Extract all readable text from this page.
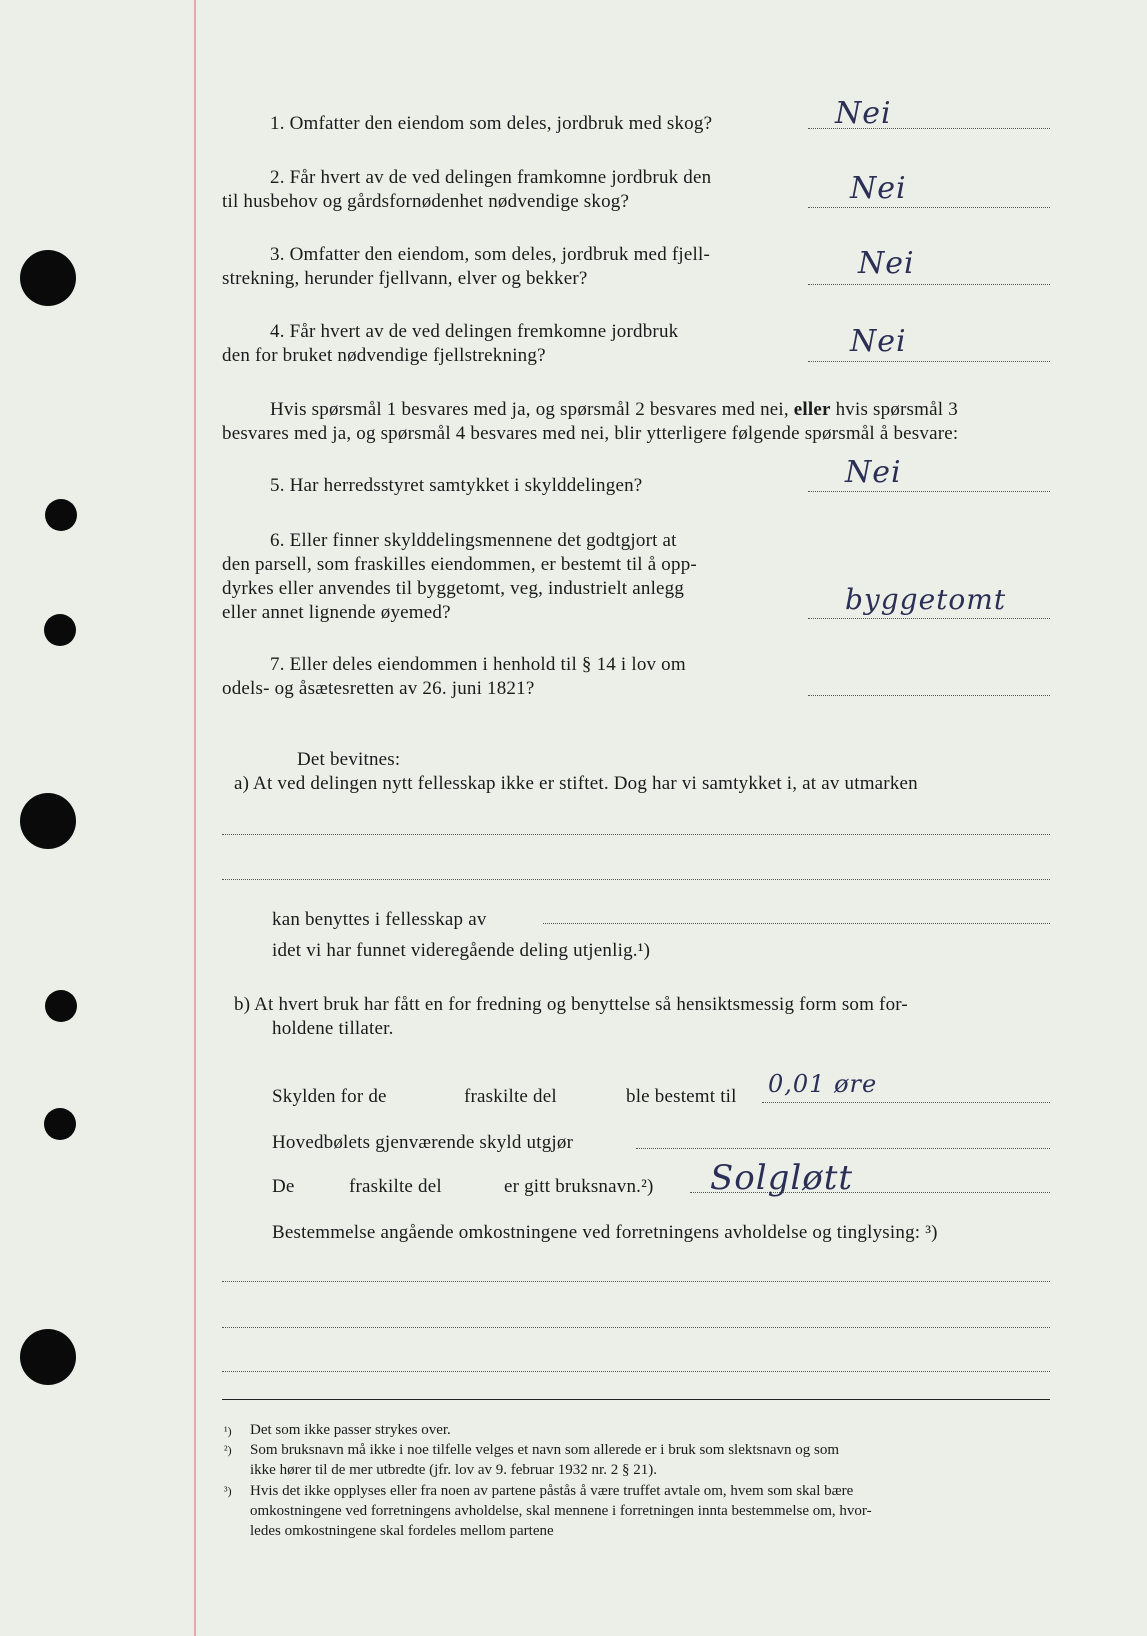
1. Omfatter den eiendom som deles, jordbruk med skog?	Nei
2. Får hvert av de ved delingen framkomne jordbruk den
til husbehov og gårdsfornødenhet nødvendige skog?	Nei
3. Omfatter den eiendom, som deles, jordbruk med fjell-
strekning, herunder fjellvann, elver og bekker?	Nei
4. Får hvert av de ved delingen fremkomne jordbruk
den for bruket nødvendige fjellstrekning?	Nei
Hvis spørsmål 1 besvares med ja, og spørsmål 2 besvares med nei, eller hvis spørsmål 3
besvares med ja, og spørsmål 4 besvares med nei, blir ytterligere følgende spørsmål å besvare:
5. Har herredsstyret samtykket i skylddelingen?	Nei
6. Eller finner skylddelingsmennene det godtgjort at
den parsell, som fraskilles eiendommen, er bestemt til å opp-
dyrkes eller anvendes til byggetomt, veg, industrielt anlegg
eller annet lignende øyemed?	byggetomt
7. Eller deles eiendommen i henhold til § 14 i lov om
odels- og åsætesretten av 26. juni 1821?
Det bevitnes:
a) At ved delingen nytt fellesskap ikke er stiftet. Dog har vi samtykket i, at av utmarken
kan benyttes i fellesskap av
idet vi har funnet videregående deling utjenlig.¹)
b) At hvert bruk har fått en for fredning og benyttelse så hensiktsmessig form som for-
holdene tillater.
Skylden for de	fraskilte del	ble bestemt til 0,01 øre
Hovedbølets gjenværende skyld utgjør
De	fraskilte del	er gitt bruksnavn.²) Solgløtt
Bestemmelse angående omkostningene ved forretningens avholdelse og tinglysing: ³)
¹) Det som ikke passer strykes over.
²) Som bruksnavn må ikke i noe tilfelle velges et navn som allerede er i bruk som slektsnavn og som
ikke hører til de mer utbredte (jfr. lov av 9. februar 1932 nr. 2 § 21).
³) Hvis det ikke opplyses eller fra noen av partene påstås å være truffet avtale om, hvem som skal bære
omkostningene ved forretningens avholdelse, skal mennene i forretningen innta bestemmelse om, hvor-
ledes omkostningene skal fordeles mellom partene
